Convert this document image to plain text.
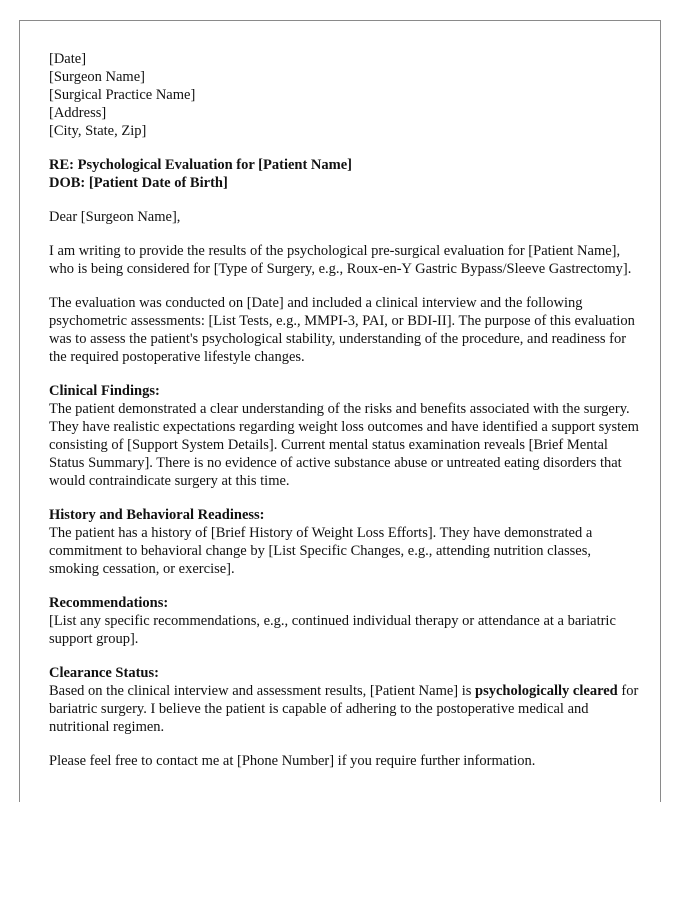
[Date]
[Surgeon Name]
[Surgical Practice Name]
[Address]
[City, State, Zip]
RE: Psychological Evaluation for [Patient Name]
DOB: [Patient Date of Birth]

Dear [Surgeon Name],

I am writing to provide the results of the psychological pre-surgical evaluation for [Patient Name], who is being considered for [Type of Surgery, e.g., Roux-en-Y Gastric Bypass/Sleeve Gastrectomy].

The evaluation was conducted on [Date] and included a clinical interview and the following psychometric assessments: [List Tests, e.g., MMPI-3, PAI, or BDI-II]. The purpose of this evaluation was to assess the patient's psychological stability, understanding of the procedure, and readiness for the required postoperative lifestyle changes.

Clinical Findings:

The patient demonstrated a clear understanding of the risks and benefits associated with the surgery. They have realistic expectations regarding weight loss outcomes and have identified a support system consisting of [Support System Details]. Current mental status examination reveals [Brief Mental Status Summary]. There is no evidence of active substance abuse or untreated eating disorders that would contraindicate surgery at this time.

History and Behavioral Readiness:

The patient has a history of [Brief History of Weight Loss Efforts]. They have demonstrated a commitment to behavioral change by [List Specific Changes, e.g., attending nutrition classes, smoking cessation, or exercise].

Recommendations:

[List any specific recommendations, e.g., continued individual therapy or attendance at a bariatric support group].

Clearance Status:

Based on the clinical interview and assessment results, [Patient Name] is psychologically cleared for bariatric surgery. I believe the patient is capable of adhering to the postoperative medical and nutritional regimen.

Please feel free to contact me at [Phone Number] if you require further information.
